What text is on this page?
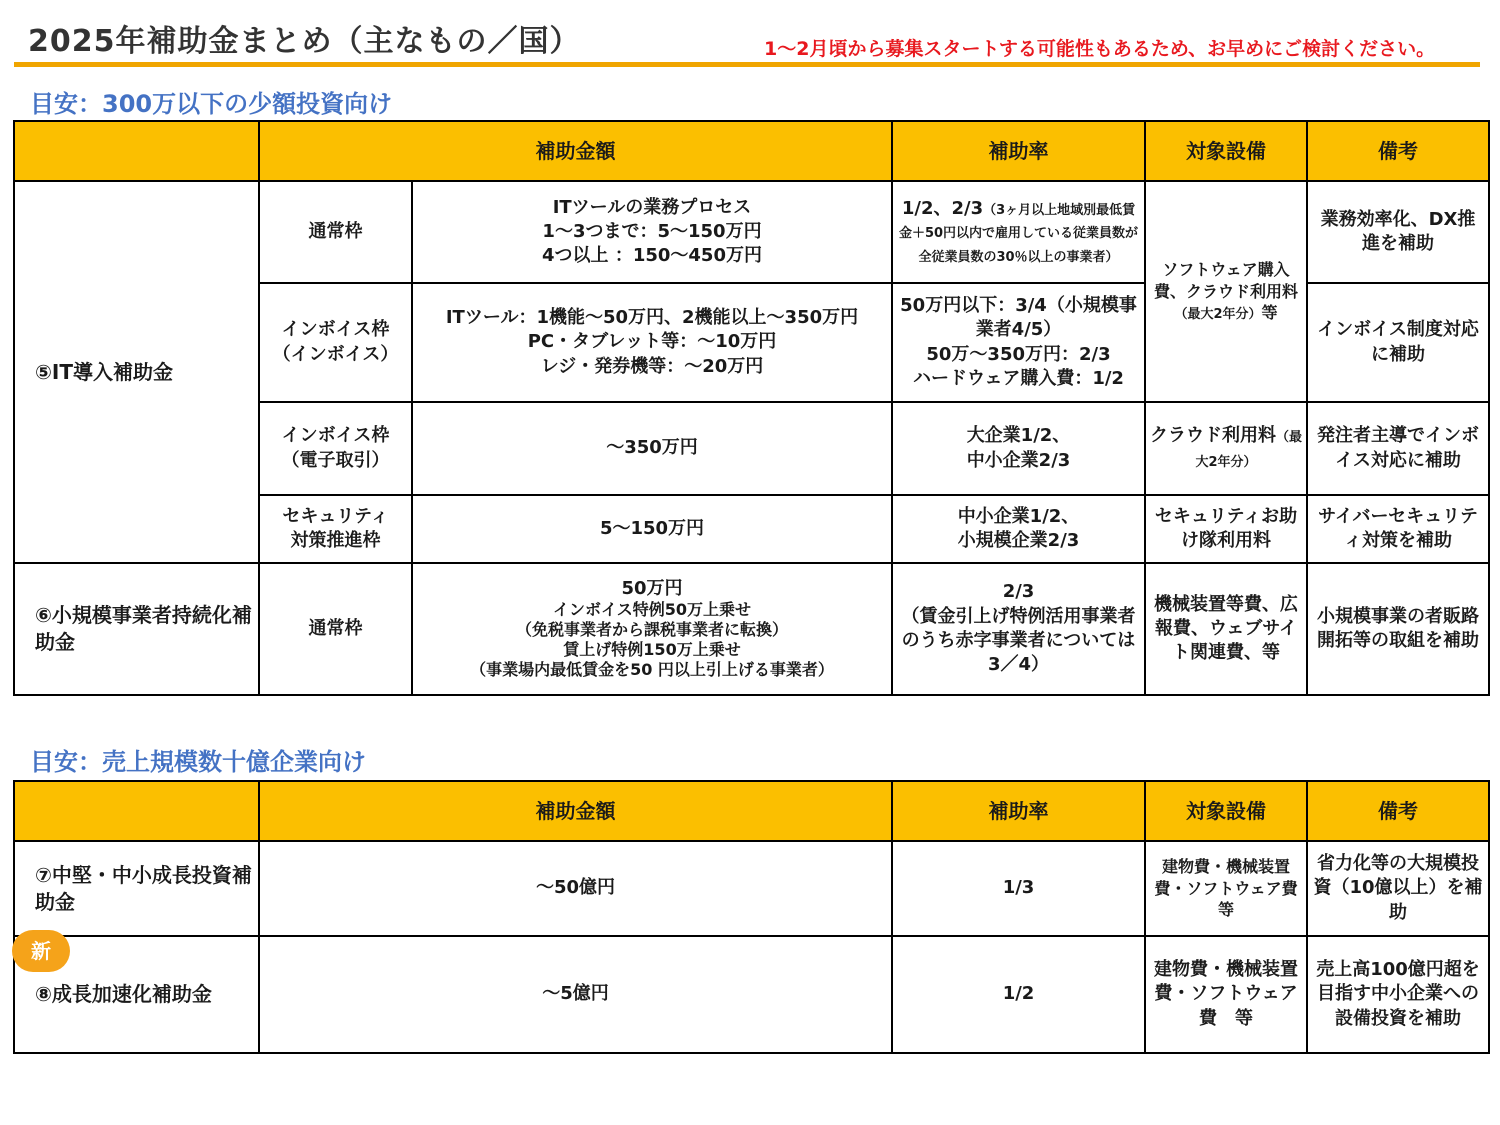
2025年補助金まとめ（主なもの／国）	1～2月頃から募集スタートする可能性もあるため、お早めにご検討ください。
目安：300万以下の少額投資向け
	補助金額		補助率	対象設備	備考
⑤IT導入補助金	通常枠	ITツールの業務プロセス
1～3つまで：5～150万円
4つ以上 ：150～450万円	1/2、2/3（3ヶ月以上地域別最低賃金＋50円以内で雇用している従業員数が全従業員数の30％以上の事業者）	ソフトウェア購入費、クラウド利用料（最大2年分）等	業務効率化、DX推進を補助

	インボイス枠
（インボイス）	ITツール：1機能～50万円、2機能以上～350万円
PC・タブレット等：～10万円
レジ・発券機等：～20万円	50万円以下：3/4（小規模事業者4/5）
50万～350万円：2/3
ハードウェア購入費：1/2		インボイス制度対応に補助

	インボイス枠
（電子取引）	～350万円	大企業1/2、
中小企業2/3	クラウド利用料（最大2年分）	発注者主導でインボイス対応に補助

	セキュリティ
対策推進枠	5～150万円	中小企業1/2、
小規模企業2/3	セキュリティお助け隊利用料	サイバーセキュリティ対策を補助
⑥小規模事業者持続化補助金	通常枠	50万円
インボイス特例50万上乗せ
（免税事業者から課税事業者に転換）
賃上げ特例150万上乗せ
（事業場内最低賃金を50 円以上引上げる事業者）	2/3
（賃金引上げ特例活用事業者のうち赤字事業者については3／4）	機械装置等費、広報費、ウェブサイト関連費、等	小規模事業の者販路開拓等の取組を補助
目安：売上規模数十億企業向け
	補助金額	補助率	対象設備	備考
⑦中堅・中小成長投資補助金	～50億円	1/3	建物費・機械装置費・ソフトウェア費　等	省力化等の大規模投資（10億以上）を補助
⑧成長加速化補助金	～5億円	1/2	建物費・機械装置費・ソフトウェア費　等	売上高100億円超を目指す中小企業への設備投資を補助
新
